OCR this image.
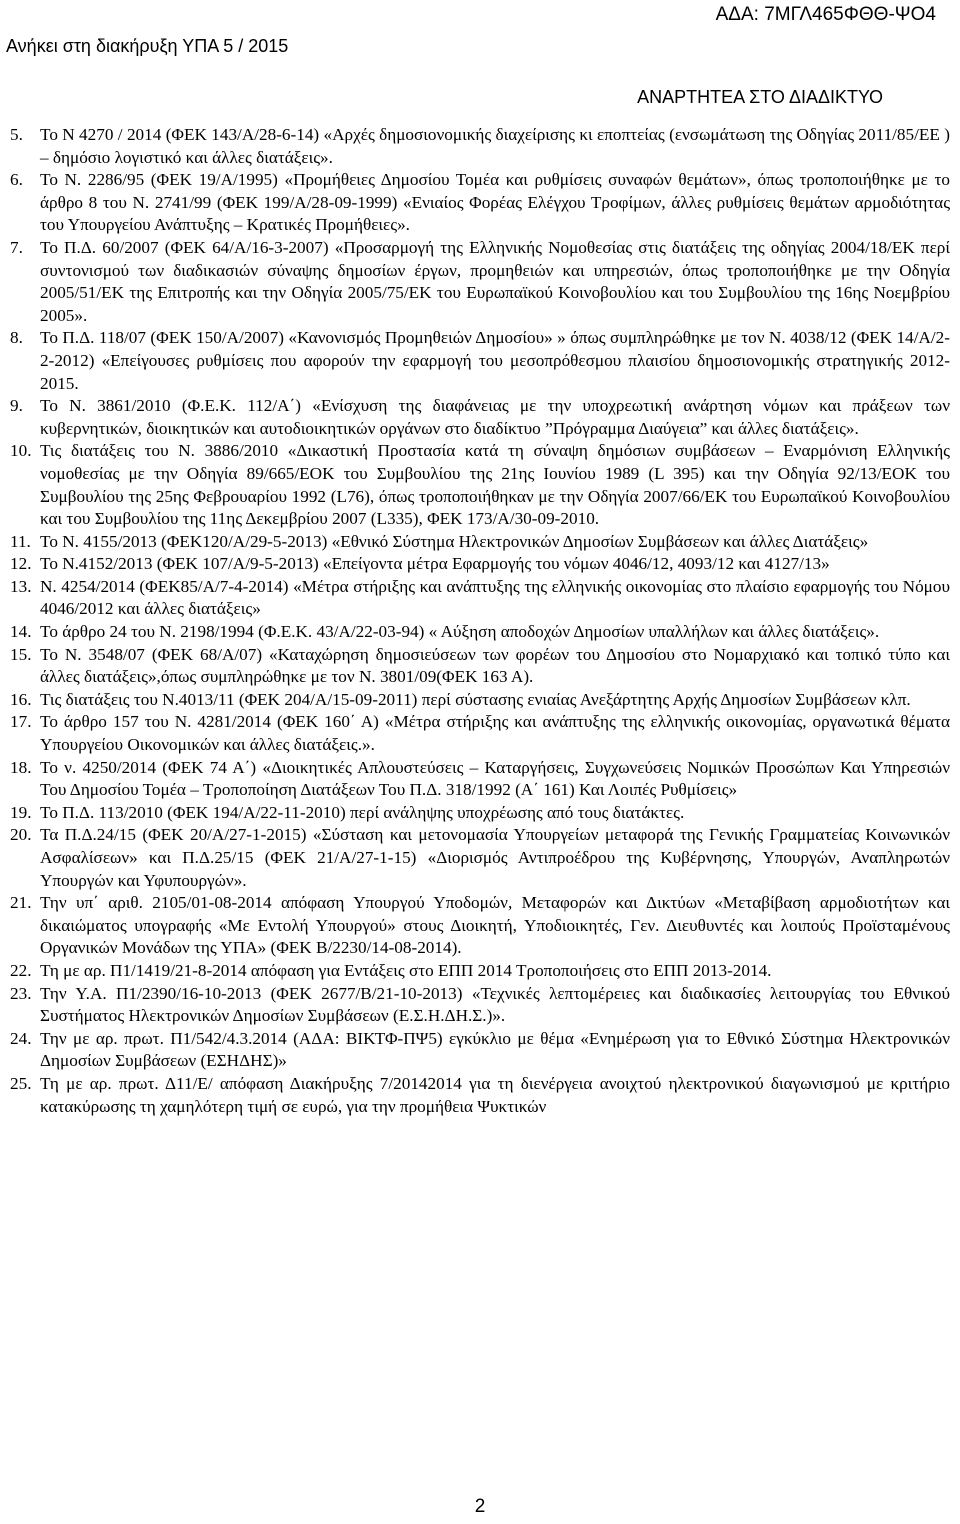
Ανήκει στη διακήρυξη ΥΠΑ 5 / 2015
ΑΔΑ: 7ΜΓΛ465ΦΘΘ-ΨΟ4
ΑΝΑΡΤΗΤΕΑ ΣΤΟ ΔΙΑΔΙΚΤΥΟ
5. Το Ν 4270 / 2014 (ΦΕΚ 143/Α/28-6-14) «Αρχές δημοσιονομικής διαχείρισης κι εποπτείας (ενσωμάτωση της Οδηγίας 2011/85/ΕΕ ) – δημόσιο λογιστικό και άλλες διατάξεις».
6. Το Ν. 2286/95 (ΦΕΚ 19/Α/1995) «Προμήθειες Δημοσίου Τομέα και ρυθμίσεις συναφών θεμάτων», όπως τροποποιήθηκε με το άρθρο 8 του Ν. 2741/99 (ΦΕΚ 199/Α/28-09-1999) «Ενιαίος Φορέας Ελέγχου Τροφίμων, άλλες ρυθμίσεις θεμάτων αρμοδιότητας του Υπουργείου Ανάπτυξης – Κρατικές Προμήθειες».
7. Το Π.Δ. 60/2007 (ΦΕΚ 64/Α/16-3-2007) «Προσαρμογή της Ελληνικής Νομοθεσίας στις διατάξεις της οδηγίας 2004/18/ΕΚ περί συντονισμού των διαδικασιών σύναψης δημοσίων έργων, προμηθειών και υπηρεσιών, όπως τροποποιήθηκε με την Οδηγία 2005/51/ΕΚ της Επιτροπής και την Οδηγία 2005/75/ΕΚ του Ευρωπαϊκού Κοινοβουλίου και του Συμβουλίου της 16ης Νοεμβρίου 2005».
8. Το Π.Δ. 118/07 (ΦΕΚ 150/Α/2007) «Κανονισμός Προμηθειών Δημοσίου» » όπως συμπληρώθηκε με τον Ν. 4038/12 (ΦΕΚ 14/Α/2-2-2012) «Επείγουσες ρυθμίσεις που αφορούν την εφαρμογή του μεσοπρόθεσμου πλαισίου δημοσιονομικής στρατηγικής 2012-2015.
9. Το Ν. 3861/2010 (Φ.Ε.Κ. 112/Α΄) «Ενίσχυση της διαφάνειας με την υποχρεωτική ανάρτηση νόμων και πράξεων των κυβερνητικών, διοικητικών και αυτοδιοικητικών οργάνων στο διαδίκτυο ”Πρόγραμμα Διαύγεια” και άλλες διατάξεις».
10. Τις διατάξεις του Ν. 3886/2010 «Δικαστική Προστασία κατά τη σύναψη δημόσιων συμβάσεων – Εναρμόνιση Ελληνικής νομοθεσίας με την Οδηγία 89/665/ΕΟΚ του Συμβουλίου της 21ης Ιουνίου 1989 (L 395) και την Οδηγία 92/13/ΕΟΚ του Συμβουλίου της 25ης Φεβρουαρίου 1992 (L76), όπως τροποποιήθηκαν με την Οδηγία 2007/66/ΕΚ του Ευρωπαϊκού Κοινοβουλίου και του Συμβουλίου της 11ης Δεκεμβρίου 2007 (L335), ΦΕΚ 173/Α/30-09-2010.
11. Το Ν. 4155/2013 (ΦΕΚ120/Α/29-5-2013) «Εθνικό Σύστημα Ηλεκτρονικών Δημοσίων Συμβάσεων και άλλες Διατάξεις»
12. Το Ν.4152/2013 (ΦΕΚ 107/Α/9-5-2013) «Επείγοντα μέτρα Εφαρμογής του νόμων 4046/12, 4093/12 και 4127/13»
13. Ν. 4254/2014 (ΦΕΚ85/Α/7-4-2014) «Μέτρα στήριξης και ανάπτυξης της ελληνικής οικονομίας στο πλαίσιο εφαρμογής του Νόμου 4046/2012 και άλλες διατάξεις»
14. Το άρθρο 24 του Ν. 2198/1994 (Φ.Ε.Κ. 43/Α/22-03-94) « Αύξηση αποδοχών Δημοσίων υπαλλήλων και άλλες διατάξεις».
15. Το Ν. 3548/07 (ΦΕΚ 68/Α/07) «Καταχώρηση δημοσιεύσεων των φορέων του Δημοσίου στο Νομαρχιακό και τοπικό τύπο και άλλες διατάξεις»,όπως συμπληρώθηκε με τον Ν. 3801/09(ΦΕΚ 163 Α).
16. Τις διατάξεις του Ν.4013/11 (ΦΕΚ 204/Α/15-09-2011) περί σύστασης ενιαίας Ανεξάρτητης Αρχής Δημοσίων Συμβάσεων κλπ.
17. Το άρθρο 157 του Ν. 4281/2014 (ΦΕΚ 160΄ Α) «Μέτρα στήριξης και ανάπτυξης της ελληνικής οικονομίας, οργανωτικά θέματα Υπουργείου Οικονομικών και άλλες διατάξεις.».
18. Το ν. 4250/2014 (ΦΕΚ 74 Α΄) «Διοικητικές Απλουστεύσεις – Καταργήσεις, Συγχωνεύσεις Νομικών Προσώπων Και Υπηρεσιών Του Δημοσίου Τομέα – Τροποποίηση Διατάξεων Του Π.Δ. 318/1992 (Α΄ 161) Και Λοιπές Ρυθμίσεις»
19. Το Π.Δ. 113/2010 (ΦΕΚ 194/Α/22-11-2010) περί ανάληψης υποχρέωσης από τους διατάκτες.
20. Τα Π.Δ.24/15 (ΦΕΚ 20/Α/27-1-2015) «Σύσταση και μετονομασία Υπουργείων μεταφορά της Γενικής Γραμματείας Κοινωνικών Ασφαλίσεων» και Π.Δ.25/15 (ΦΕΚ 21/Α/27-1-15) «Διορισμός Αντιπροέδρου της Κυβέρνησης, Υπουργών, Αναπληρωτών Υπουργών και Υφυπουργών».
21. Την υπ΄ αριθ. 2105/01-08-2014 απόφαση Υπουργού Υποδομών, Μεταφορών και Δικτύων «Μεταβίβαση αρμοδιοτήτων και δικαιώματος υπογραφής «Με Εντολή Υπουργού» στους Διοικητή, Υποδιοικητές, Γεν. Διευθυντές και λοιπούς Προϊσταμένους Οργανικών Μονάδων της ΥΠΑ» (ΦΕΚ Β/2230/14-08-2014).
22. Τη με αρ. Π1/1419/21-8-2014 απόφαση για Εντάξεις στο ΕΠΠ 2014 Τροποποιήσεις στο ΕΠΠ 2013-2014.
23. Την Υ.Α. Π1/2390/16-10-2013 (ΦΕΚ 2677/Β/21-10-2013) «Τεχνικές λεπτομέρειες και διαδικασίες λειτουργίας του Εθνικού Συστήματος Ηλεκτρονικών Δημοσίων Συμβάσεων (Ε.Σ.Η.ΔΗ.Σ.)».
24. Την με αρ. πρωτ. Π1/542/4.3.2014 (ΑΔΑ: ΒΙΚΤΦ-ΠΨ5) εγκύκλιο με θέμα «Ενημέρωση για το Εθνικό Σύστημα Ηλεκτρονικών Δημοσίων Συμβάσεων (ΕΣΗΔΗΣ)»
25. Τη με αρ. πρωτ. Δ11/Ε/ απόφαση Διακήρυξης 7/20142014 για τη διενέργεια ανοιχτού ηλεκτρονικού διαγωνισμού με κριτήριο κατακύρωσης τη χαμηλότερη τιμή σε ευρώ, για την προμήθεια Ψυκτικών
2
